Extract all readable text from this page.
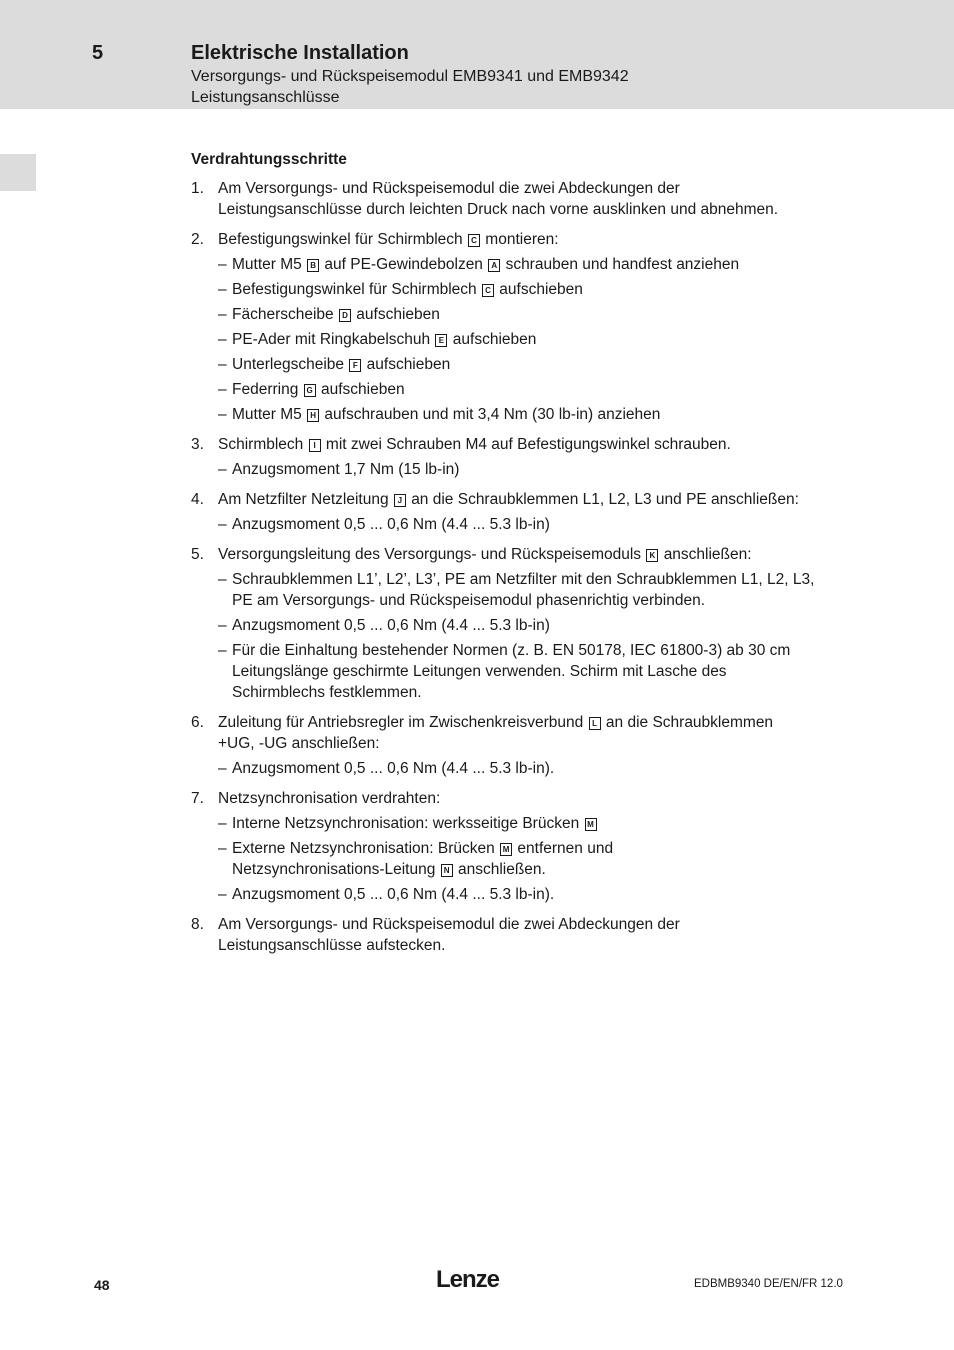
5	Elektrische Installation
Versorgungs- und Rückspeisemodul EMB9341 und EMB9342
Leistungsanschlüsse
Verdrahtungsschritte
1. Am Versorgungs- und Rückspeisemodul die zwei Abdeckungen der
Leistungsanschlüsse durch leichten Druck nach vorne ausklinken und abnehmen.
2. Befestigungswinkel für Schirmblech C montieren:
– Mutter M5 B auf PE-Gewindebolzen A schrauben und handfest anziehen
– Befestigungswinkel für Schirmblech C aufschieben
– Fächerscheibe D aufschieben
– PE-Ader mit Ringkabelschuh E aufschieben
– Unterlegscheibe F aufschieben
– Federring G aufschieben
– Mutter M5 H aufschrauben und mit 3,4 Nm (30 lb-in) anziehen
3. Schirmblech I mit zwei Schrauben M4 auf Befestigungswinkel schrauben.
– Anzugsmoment 1,7 Nm (15 lb-in)
4. Am Netzfilter Netzleitung J an die Schraubklemmen L1, L2, L3 und PE anschließen:
– Anzugsmoment 0,5 ... 0,6 Nm (4.4 ... 5.3 lb-in)
5. Versorgungsleitung des Versorgungs- und Rückspeisemoduls K anschließen:
– Schraubklemmen L1’, L2’, L3’, PE am Netzfilter mit den Schraubklemmen L1, L2, L3,
PE am Versorgungs- und Rückspeisemodul phasenrichtig verbinden.
– Anzugsmoment 0,5 ... 0,6 Nm (4.4 ... 5.3 lb-in)
– Für die Einhaltung bestehender Normen (z. B. EN 50178, IEC 61800-3) ab 30 cm
Leitungslänge geschirmte Leitungen verwenden. Schirm mit Lasche des
Schirmblechs festklemmen.
6. Zuleitung für Antriebsregler im Zwischenkreisverbund L an die Schraubklemmen
+UG, -UG anschließen:
– Anzugsmoment 0,5 ... 0,6 Nm (4.4 ... 5.3 lb-in).
7. Netzsynchronisation verdrahten:
– Interne Netzsynchronisation: werksseitige Brücken M
– Externe Netzsynchronisation: Brücken M entfernen und
Netzsynchronisations-Leitung N anschließen.
– Anzugsmoment 0,5 ... 0,6 Nm (4.4 ... 5.3 lb-in).
8. Am Versorgungs- und Rückspeisemodul die zwei Abdeckungen der
Leistungsanschlüsse aufstecken.
48	Lenze	EDBMB9340 DE/EN/FR 12.0
